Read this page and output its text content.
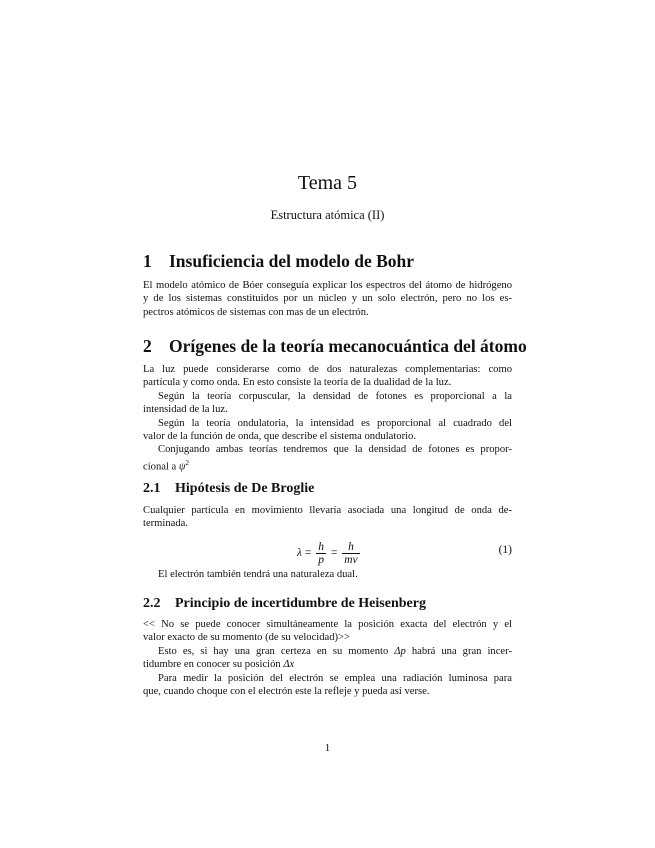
Tema 5
Estructura atómica (II)
1 Insuficiencia del modelo de Bohr
El modelo atómico de Bóer conseguía explicar los espectros del átomo de hidrógeno
y de los sistemas constituidos por un núcleo y un solo electrón, pero no los es-
pectros atómicos de sistemas con mas de un electrón.
2 Orígenes de la teoría mecanocuántica del átomo
La luz puede considerarse como de dos naturalezas complementarias: como
partícula y como onda. En esto consiste la teoría de la dualidad de la luz.
Según la teoría corpuscular, la densidad de fotones es proporcional a la
intensidad de la luz.
Según la teoría ondulatoria, la intensidad es proporcional al cuadrado del
valor de la función de onda, que describe el sistema ondulatorio.
Conjugando ambas teorías tendremos que la densidad de fotones es propor-
cional a $\psi^2$
2.1 Hipótesis de De Broglie
Cualquier partícula en movimiento llevaría asociada una longitud de onda de-
terminada.
$\lambda = \frac{h}{p} = \frac{h}{mv}$	(1)
El electrón también tendrá una naturaleza dual.
2.2 Principio de incertidumbre de Heisenberg
<< No se puede conocer simultáneamente la posición exacta del electrón y el
valor exacto de su momento (de su velocidad)>>
Esto es, si hay una gran certeza en su momento Δp habrá una gran incer-
tidumbre en conocer su posición Δx
Para medir la posición del electrón se emplea una radiación luminosa para
que, cuando choque con el electrón este la refleje y pueda así verse.
1
